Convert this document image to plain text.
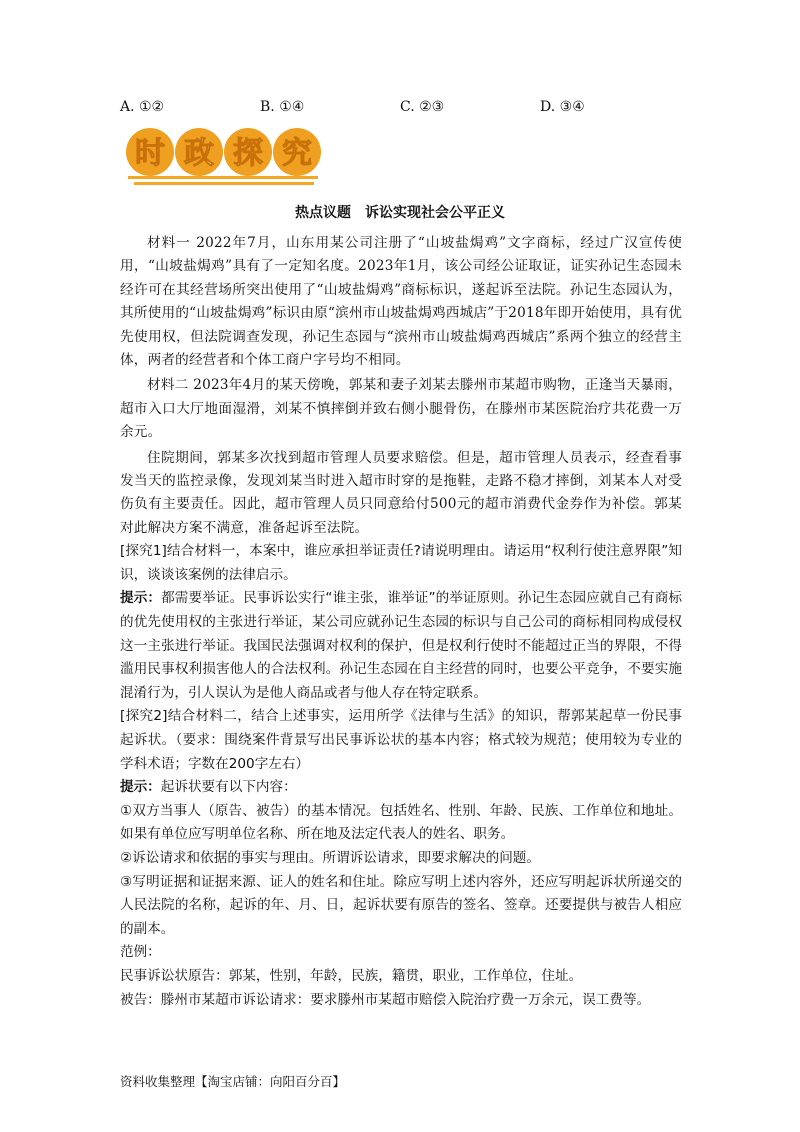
A. ①②	B. ①④	C. ②③	D. ③④
时 政 探 究
热点议题 诉讼实现社会公平正义

材料一 2022年7月，山东用某公司注册了“山坡盐焗鸡”文字商标，经过广汉宣传使用，“山坡盐焗鸡”具有了一定知名度。2023年1月，该公司经公证取证，证实孙记生态园未经许可在其经营场所突出使用了“山坡盐焗鸡”商标标识，遂起诉至法院。孙记生态园认为，其所使用的“山坡盐焗鸡”标识由原“滨州市山坡盐焗鸡西城店”于2018年即开始使用，具有优先使用权，但法院调查发现，孙记生态园与“滨州市山坡盐焗鸡西城店”系两个独立的经营主体，两者的经营者和个体工商户字号均不相同。

材料二 2023年4月的某天傍晚，郭某和妻子刘某去滕州市某超市购物，正逢当天暴雨，超市入口大厅地面湿滑，刘某不慎摔倒并致右侧小腿骨伤，在滕州市某医院治疗共花费一万余元。

住院期间，郭某多次找到超市管理人员要求赔偿。但是，超市管理人员表示，经查看事发当天的监控录像，发现刘某当时进入超市时穿的是拖鞋，走路不稳才摔倒，刘某本人对受伤负有主要责任。因此，超市管理人员只同意给付500元的超市消费代金券作为补偿。郭某对此解决方案不满意，准备起诉至法院。

[探究1]结合材料一，本案中，谁应承担举证责任?请说明理由。请运用“权利行使注意界限”知识，谈谈该案例的法律启示。

提示：都需要举证。民事诉讼实行“谁主张，谁举证”的举证原则。孙记生态园应就自己有商标的优先使用权的主张进行举证，某公司应就孙记生态园的标识与自己公司的商标相同构成侵权这一主张进行举证。我国民法强调对权利的保护，但是权利行使时不能超过正当的界限，不得滥用民事权利损害他人的合法权利。孙记生态园在自主经营的同时，也要公平竞争，不要实施混淆行为，引人误认为是他人商品或者与他人存在特定联系。

[探究2]结合材料二，结合上述事实，运用所学《法律与生活》的知识，帮郭某起草一份民事起诉状。（要求：围绕案件背景写出民事诉讼状的基本内容；格式较为规范；使用较为专业的学科术语；字数在200字左右）

提示：起诉状要有以下内容：

①双方当事人（原告、被告）的基本情况。包括姓名、性别、年龄、民族、工作单位和地址。如果有单位应写明单位名称、所在地及法定代表人的姓名、职务。

②诉讼请求和依据的事实与理由。所谓诉讼请求，即要求解决的问题。

③写明证据和证据来源、证人的姓名和住址。除应写明上述内容外，还应写明起诉状所递交的人民法院的名称，起诉的年、月、日，起诉状要有原告的签名、签章。还要提供与被告人相应的副本。

范例：

民事诉讼状原告：郭某，性别，年龄，民族，籍贯，职业，工作单位，住址。

被告：滕州市某超市诉讼请求：要求滕州市某超市赔偿入院治疗费一万余元，误工费等。

资料收集整理【淘宝店铺：向阳百分百】
